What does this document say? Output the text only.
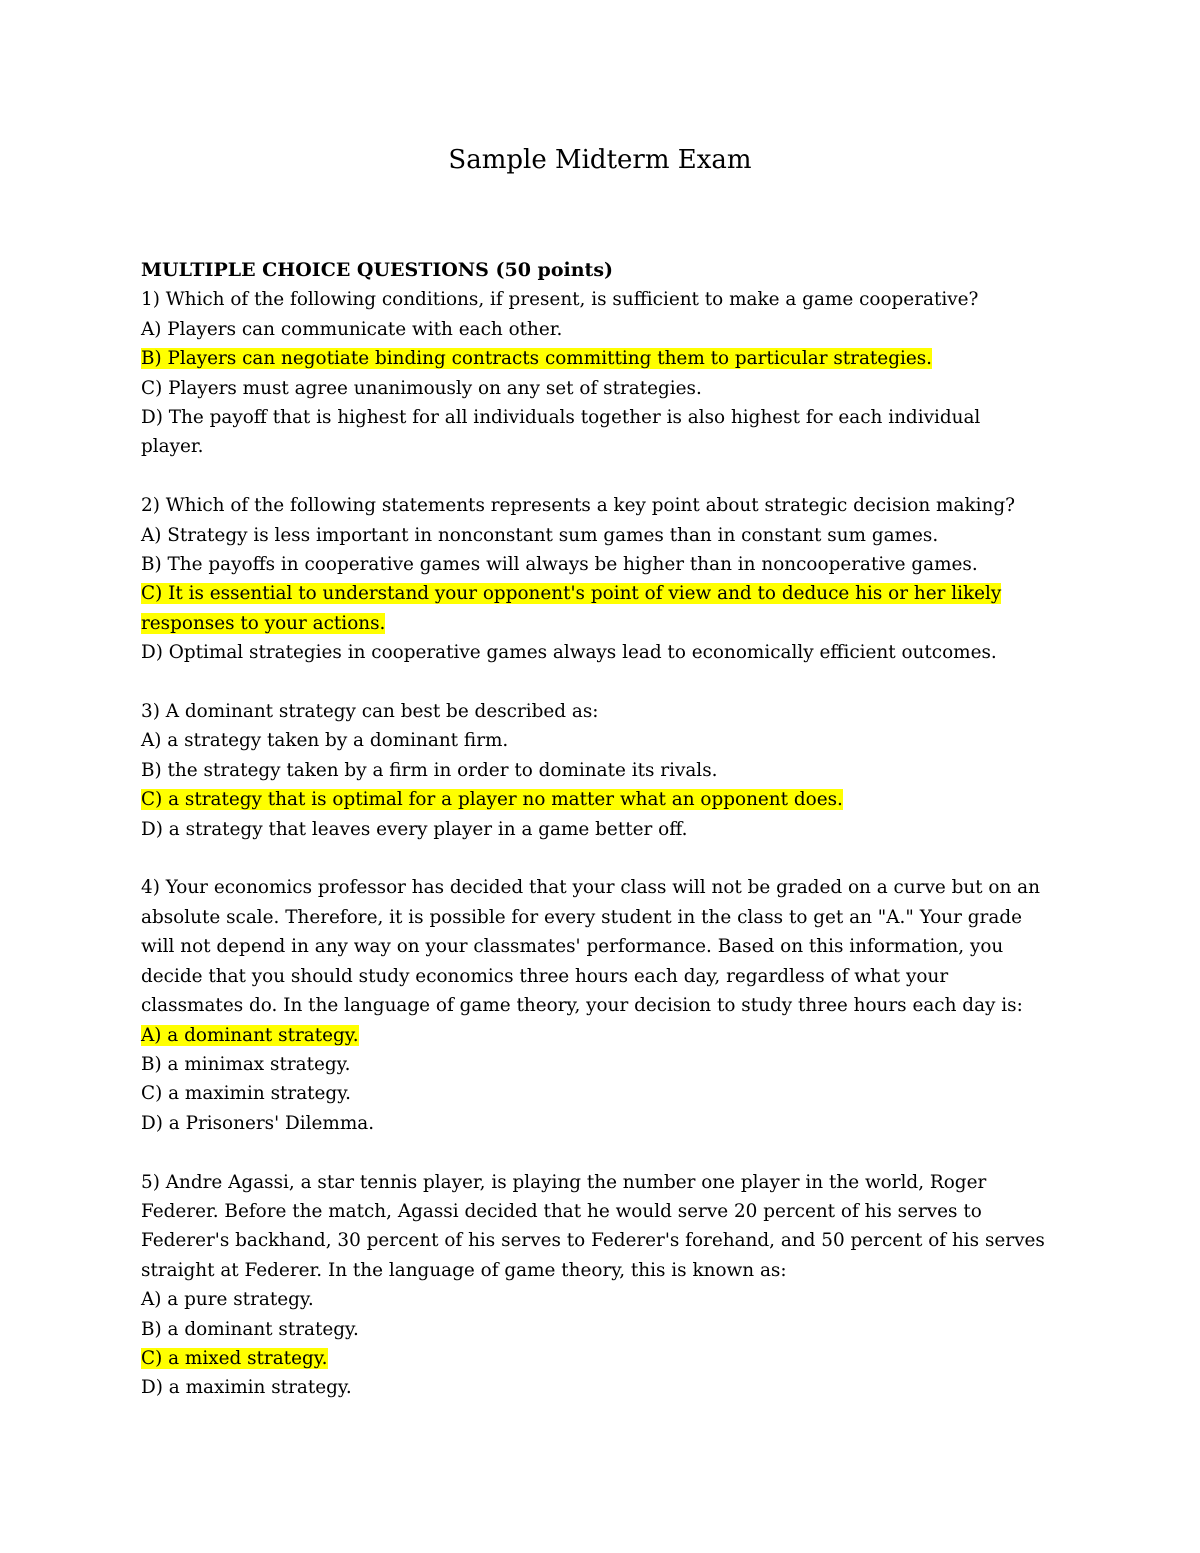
Sample Midterm Exam
MULTIPLE CHOICE QUESTIONS (50 points)
1) Which of the following conditions, if present, is sufficient to make a game cooperative?
A) Players can communicate with each other.
B) Players can negotiate binding contracts committing them to particular strategies.
C) Players must agree unanimously on any set of strategies.
D) The payoff that is highest for all individuals together is also highest for each individual
player.
2) Which of the following statements represents a key point about strategic decision making?
A) Strategy is less important in nonconstant sum games than in constant sum games.
B) The payoffs in cooperative games will always be higher than in noncooperative games.
C) It is essential to understand your opponent's point of view and to deduce his or her likely
responses to your actions.
D) Optimal strategies in cooperative games always lead to economically efficient outcomes.
3) A dominant strategy can best be described as:
A) a strategy taken by a dominant firm.
B) the strategy taken by a firm in order to dominate its rivals.
C) a strategy that is optimal for a player no matter what an opponent does.
D) a strategy that leaves every player in a game better off.
4) Your economics professor has decided that your class will not be graded on a curve but on an
absolute scale. Therefore, it is possible for every student in the class to get an "A." Your grade
will not depend in any way on your classmates' performance. Based on this information, you
decide that you should study economics three hours each day, regardless of what your
classmates do. In the language of game theory, your decision to study three hours each day is:
A) a dominant strategy.
B) a minimax strategy.
C) a maximin strategy.
D) a Prisoners' Dilemma.
5) Andre Agassi, a star tennis player, is playing the number one player in the world, Roger
Federer. Before the match, Agassi decided that he would serve 20 percent of his serves to
Federer's backhand, 30 percent of his serves to Federer's forehand, and 50 percent of his serves
straight at Federer. In the language of game theory, this is known as:
A) a pure strategy.
B) a dominant strategy.
C) a mixed strategy.
D) a maximin strategy.
